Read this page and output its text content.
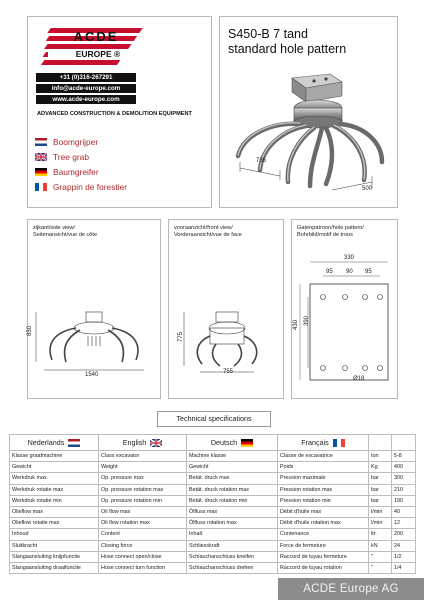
ACDE
EUROPE ®
+31 (0)316-267291
info@acde-europe.com
www.acde-europe.com
ADVANCED CONSTRUCTION & DEMOLITION EQUIPMENT
Boomgrijper
Tree grab
Baumgreifer
Grappin de forestier
S450-B 7 tand
standard hole pattern
735
500
zijkant/side view/
Seitenansicht/vue de côte
850
1540
vooraanzicht/front view/
Vorderaansicht/vue de face
775
755
Gatenpatroon/hole pattern/
Bohrbild/motif de trous
330
95 90 95
430 390
Ø18
Technical specifications
Nederlands	English	Deutsch	Français		

Klasse graafmachine	Class excavator	Machine klasse	Classe de excavatrice	ton	5-8
Gewicht	Weight	Gewicht	Poids	Kg	400
Werkdruk max.	Op. pressure max	Betät. druck max	Pression maximale	bar	300
Werkdruk rotatie max	Op. pressure rotation max	Betät. druck rotation max	Pression rotation max	bar	210
Werkdruk rotatie min	Op. pressure rotation min	Betät. druck rotation min	Pression rotation min	bar	190
Olieflow max	Oil flow max	Ölfluss max	Débit d'huile max	l/min	40
Olieflow rotatie max	Oil flow rotation max	Ölfluss rotation max	Débit d'huile rotation max	l/min	12
Inhoud	Content	Inhalt	Contenance	ltr.	200
Sluitkracht	Closing force	Schliesskraft	Force de fermeture	kN	24
Slangaansluiting knijpfunctie	Hose connect open/close	Schlauchanschluss kneifen	Raccord de tuyau fermeture	"	1/2
Slangaansluiting draaifunctie	Hose connect turn function	Schlauchanschluss drehen	Raccord de tuyau rotation	"	1/4
ACDE Europe AG
